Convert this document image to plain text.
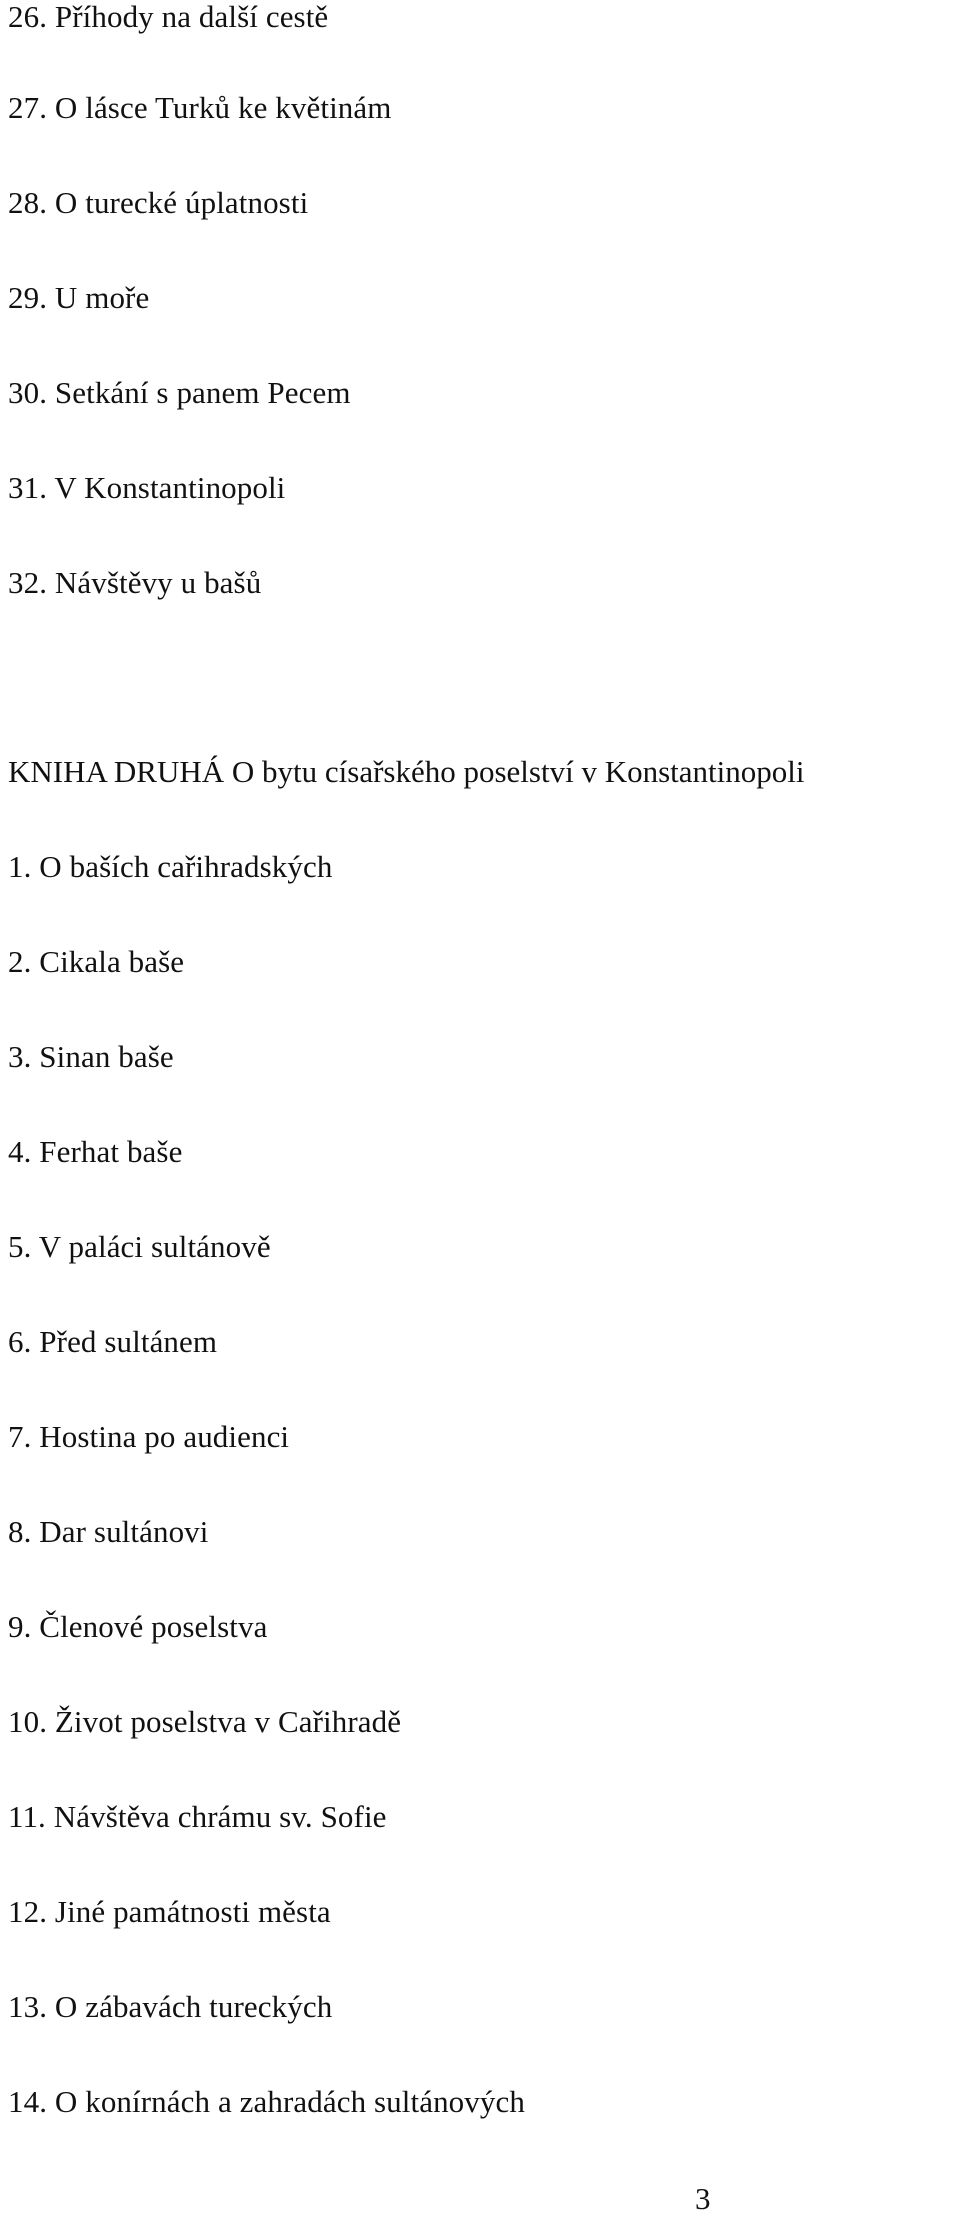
26. Příhody na další cestě

27. O lásce Turků ke květinám

28. O turecké úplatnosti

29. U moře

30. Setkání s panem Pecem

31. V Konstantinopoli

32. Návštěvy u bašů

KNIHA DRUHÁ O bytu císařského poselství v Konstantinopoli

1. O baších cařihradských

2. Cikala baše

3. Sinan baše

4. Ferhat baše

5. V paláci sultánově

6. Před sultánem

7. Hostina po audienci

8. Dar sultánovi

9. Členové poselstva

10. Život poselstva v Cařihradě

11. Návštěva chrámu sv. Sofie

12. Jiné památnosti města

13. O zábavách tureckých

14. O konírnách a zahradách sultánových

3
